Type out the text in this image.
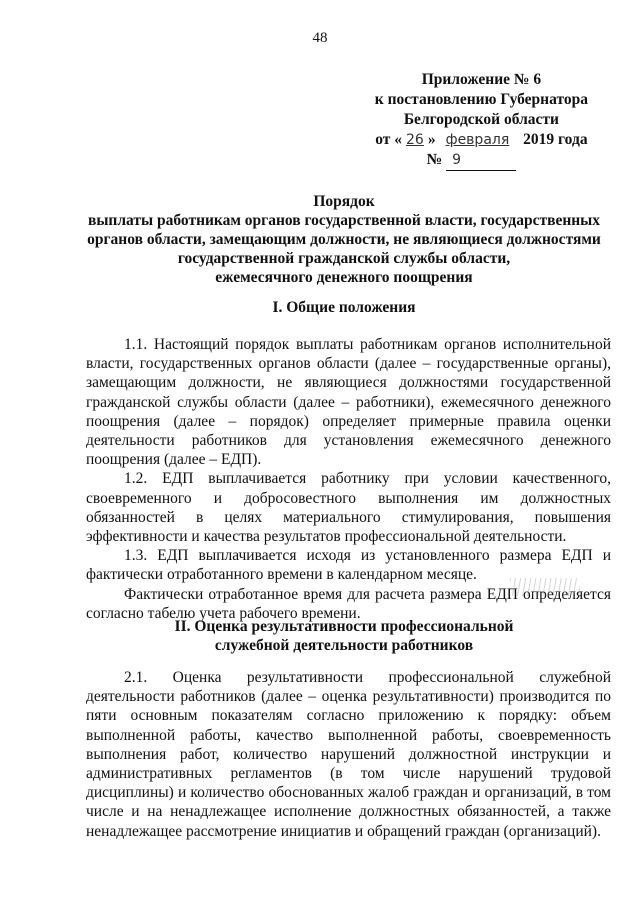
48
Приложение № 6
к постановлению Губернатора
Белгородской области
от « 26 » февраля 2019 года
№ 9
Порядок
выплаты работникам органов государственной власти, государственных
органов области, замещающим должности, не являющиеся должностями
государственной гражданской службы области,
ежемесячного денежного поощрения
I. Общие положения

1.1. Настоящий порядок выплаты работникам органов исполнительной власти, государственных органов области (далее – государственные органы), замещающим должности, не являющиеся должностями государственной гражданской службы области (далее – работники), ежемесячного денежного поощрения (далее – порядок) определяет примерные правила оценки деятельности работников для установления ежемесячного денежного поощрения (далее – ЕДП).

1.2. ЕДП выплачивается работнику при условии качественного, своевременного и добросовестного выполнения им должностных обязанностей в целях материального стимулирования, повышения эффективности и качества результатов профессиональной деятельности.

1.3. ЕДП выплачивается исходя из установленного размера ЕДП и фактически отработанного времени в календарном месяце.

Фактически отработанное время для расчета размера ЕДП определяется согласно табелю учета рабочего времени.

II. Оценка результативности профессиональной
служебной деятельности работников

2.1. Оценка результативности профессиональной служебной деятельности работников (далее – оценка результативности) производится по пяти основным показателям согласно приложению к порядку: объем выполненной работы, качество выполненной работы, своевременность выполнения работ, количество нарушений должностной инструкции и административных регламентов (в том числе нарушений трудовой дисциплины) и количество обоснованных жалоб граждан и организаций, в том числе и на ненадлежащее исполнение должностных обязанностей, а также ненадлежащее рассмотрение инициатив и обращений граждан (организаций).
